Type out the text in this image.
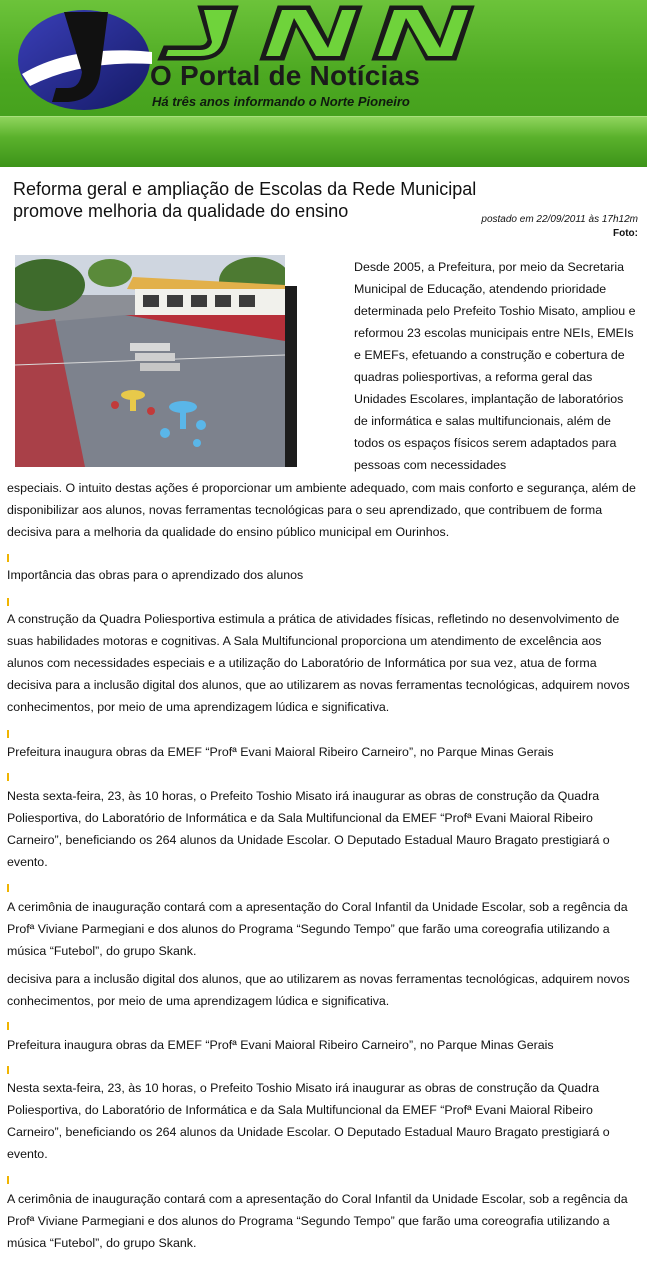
O Portal de Notícias
Há três anos informando o Norte Pioneiro
Reforma geral e ampliação de Escolas da Rede Municipal
promove melhoria da qualidade do ensino	postado em 22/09/2011 às 17h12m
Foto:
Desde 2005, a Prefeitura, por meio da Secretaria Municipal de Educação, atendendo prioridade determinada pelo Prefeito Toshio Misato, ampliou e reformou 23 escolas municipais entre NEIs, EMEIs e EMEFs, efetuando a construção e cobertura de quadras poliesportivas, a reforma geral das Unidades Escolares, implantação de laboratórios de informática e salas multifuncionais, além de todos os espaços físicos serem adaptados para pessoas com necessidades
especiais. O intuito destas ações é proporcionar um ambiente adequado, com mais conforto e segurança, além de disponibilizar aos alunos, novas ferramentas tecnológicas para o seu aprendizado, que contribuem de forma decisiva para a melhoria da qualidade do ensino público municipal em Ourinhos.
Importância das obras para o aprendizado dos alunos
A construção da Quadra Poliesportiva estimula a prática de atividades físicas, refletindo no desenvolvimento de suas habilidades motoras e cognitivas. A Sala Multifuncional proporciona um atendimento de excelência aos alunos com necessidades especiais e a utilização do Laboratório de Informática por sua vez, atua de forma decisiva para a inclusão digital dos alunos, que ao utilizarem as novas ferramentas tecnológicas, adquirem novos conhecimentos, por meio de uma aprendizagem lúdica e significativa.
Prefeitura inaugura obras da EMEF “Profª Evani Maioral Ribeiro Carneiro”, no Parque Minas Gerais
Nesta sexta-feira, 23, às 10 horas, o Prefeito Toshio Misato irá inaugurar as obras de construção da Quadra Poliesportiva, do Laboratório de Informática e da Sala Multifuncional da EMEF “Profª Evani Maioral Ribeiro Carneiro”, beneficiando os 264 alunos da Unidade Escolar. O Deputado Estadual Mauro Bragato prestigiará o evento.
A cerimônia de inauguração contará com a apresentação do Coral Infantil da Unidade Escolar, sob a regência da Profª Viviane Parmegiani e dos alunos do Programa “Segundo Tempo” que farão uma coreografia utilizando a música “Futebol”, do grupo Skank.
decisiva para a inclusão digital dos alunos, que ao utilizarem as novas ferramentas tecnológicas, adquirem novos conhecimentos, por meio de uma aprendizagem lúdica e significativa.
Prefeitura inaugura obras da EMEF “Profª Evani Maioral Ribeiro Carneiro”, no Parque Minas Gerais
Nesta sexta-feira, 23, às 10 horas, o Prefeito Toshio Misato irá inaugurar as obras de construção da Quadra Poliesportiva, do Laboratório de Informática e da Sala Multifuncional da EMEF “Profª Evani Maioral Ribeiro Carneiro”, beneficiando os 264 alunos da Unidade Escolar. O Deputado Estadual Mauro Bragato prestigiará o evento.
A cerimônia de inauguração contará com a apresentação do Coral Infantil da Unidade Escolar, sob a regência da Profª Viviane Parmegiani e dos alunos do Programa “Segundo Tempo” que farão uma coreografia utilizando a música “Futebol”, do grupo Skank.
